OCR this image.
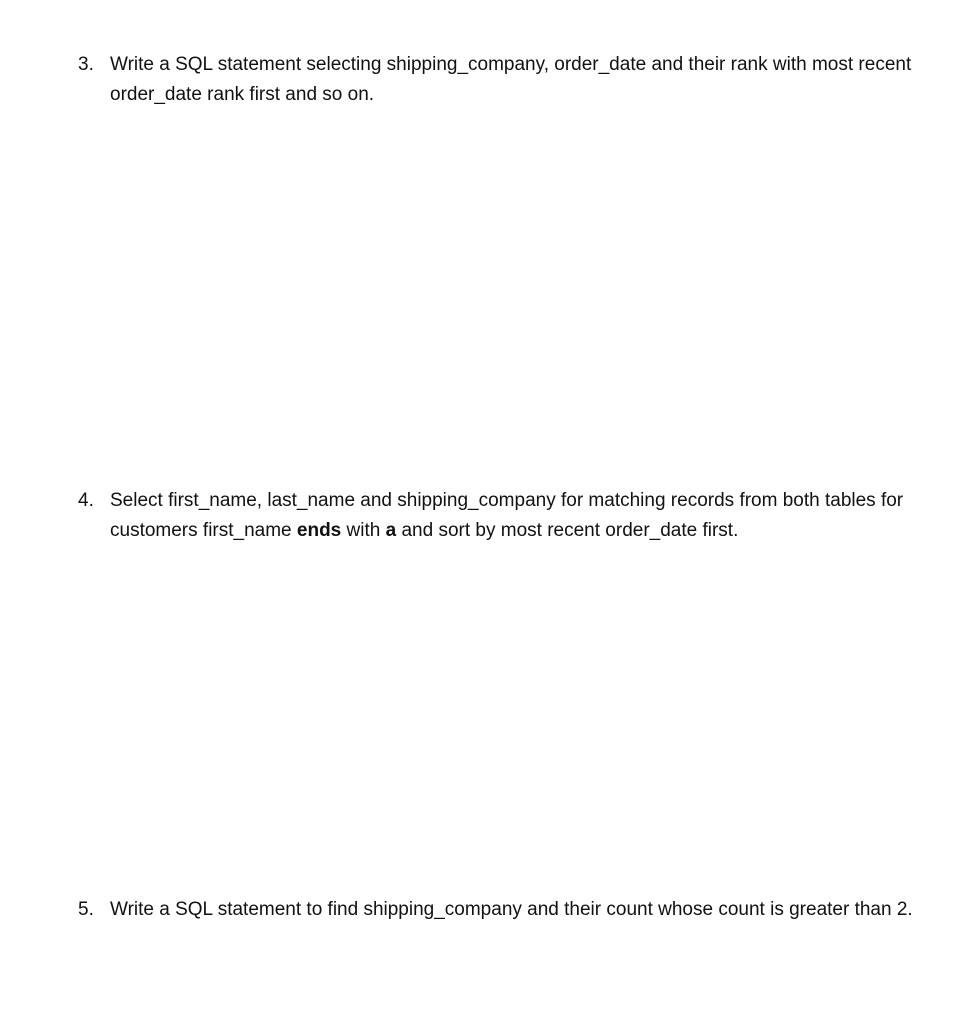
3. Write a SQL statement selecting shipping_company, order_date and their rank with most recent order_date rank first and so on.
4. Select first_name, last_name and shipping_company for matching records from both tables for customers first_name ends with a and sort by most recent order_date first.
5. Write a SQL statement to find shipping_company and their count whose count is greater than 2.
